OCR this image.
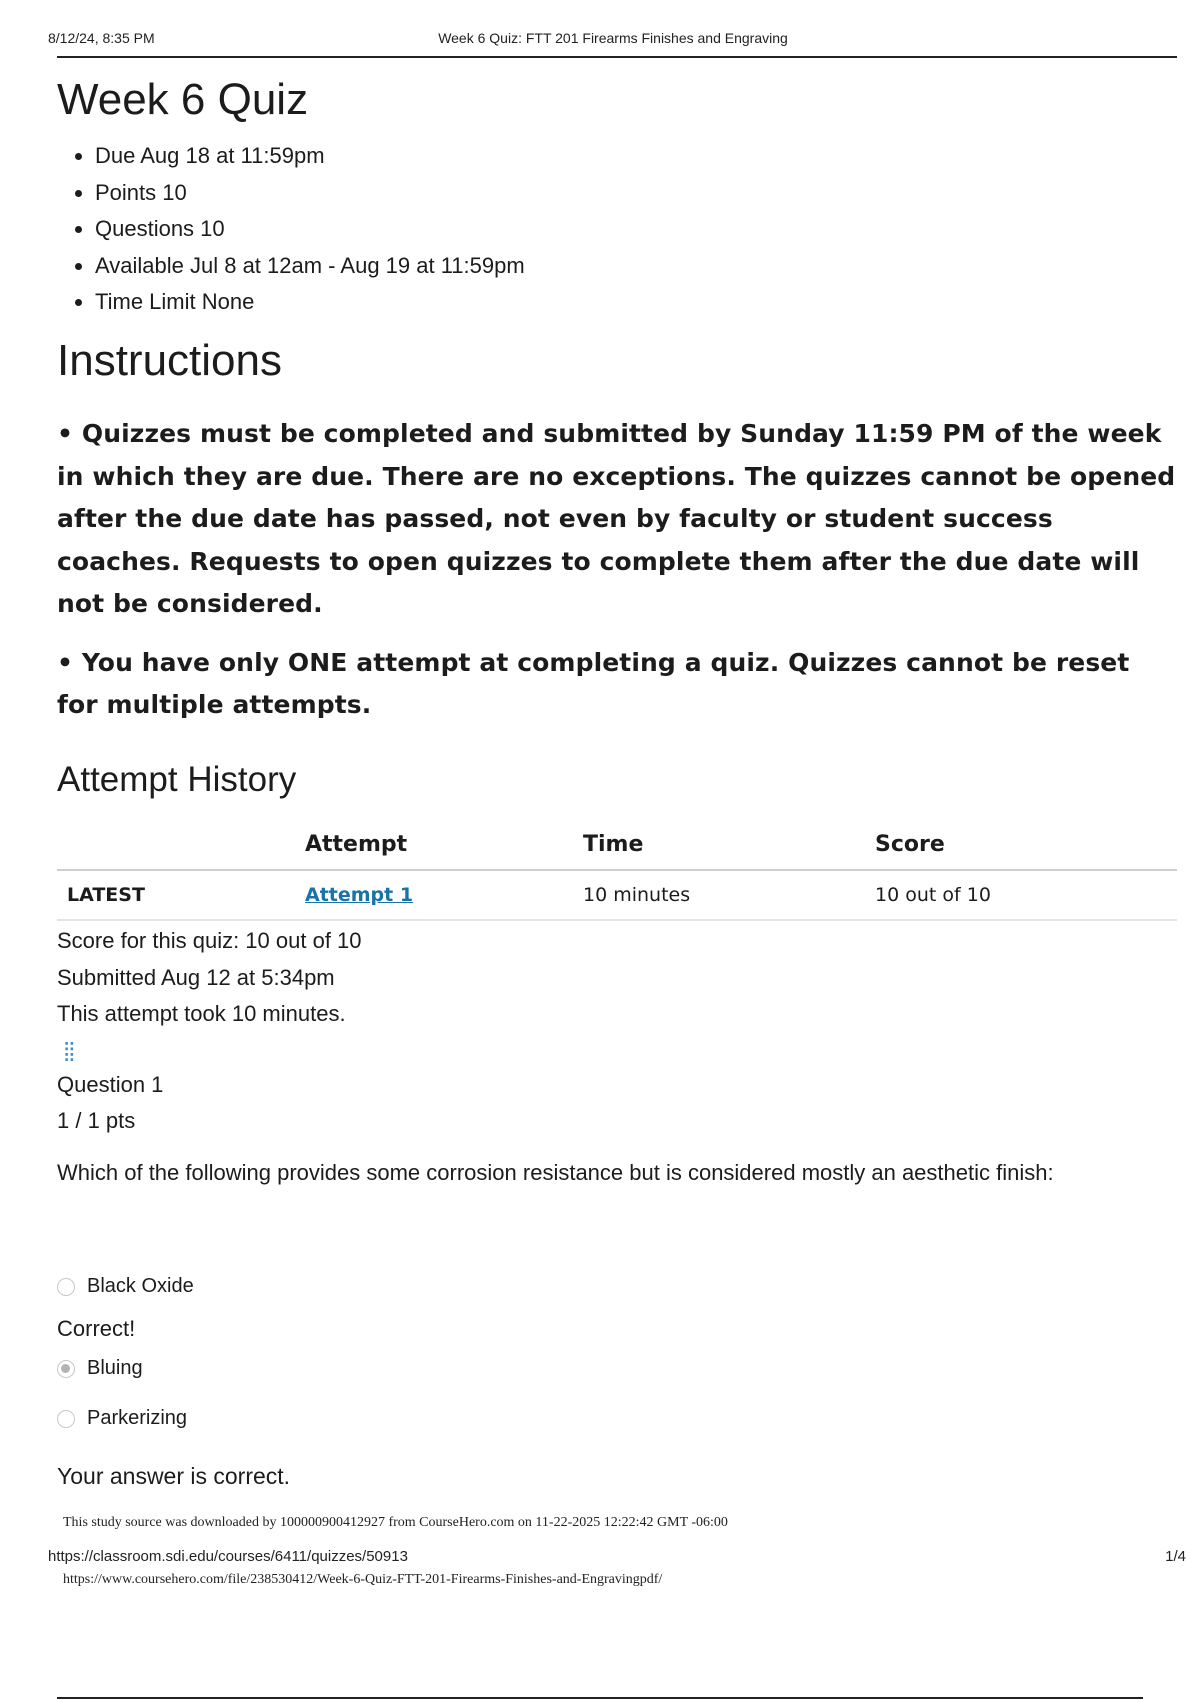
8/12/24, 8:35 PM	Week 6 Quiz: FTT 201 Firearms Finishes and Engraving
Week 6 Quiz
• Due Aug 18 at 11:59pm
• Points 10
• Questions 10
• Available Jul 8 at 12am - Aug 19 at 11:59pm
• Time Limit None
Instructions

• Quizzes must be completed and submitted by Sunday 11:59 PM of the week in which they are due. There are no exceptions. The quizzes cannot be opened after the due date has passed, not even by faculty or student success coaches. Requests to open quizzes to complete them after the due date will not be considered.

• You have only ONE attempt at completing a quiz. Quizzes cannot be reset for multiple attempts.

Attempt History
	Attempt	Time	Score
LATEST	Attempt 1	10 minutes	10 out of 10
Score for this quiz: 10 out of 10
Submitted Aug 12 at 5:34pm
This attempt took 10 minutes.
⁞⁞
Question 1
1 / 1 pts
Which of the following provides some corrosion resistance but is considered mostly an aesthetic finish:
Black Oxide
Correct!
Bluing
Parkerizing
Your answer is correct.
This study source was downloaded by 100000900412927 from CourseHero.com on 11-22-2025 12:22:42 GMT -06:00
https://classroom.sdi.edu/courses/6411/quizzes/50913	1/4
https://www.coursehero.com/file/238530412/Week-6-Quiz-FTT-201-Firearms-Finishes-and-Engravingpdf/
